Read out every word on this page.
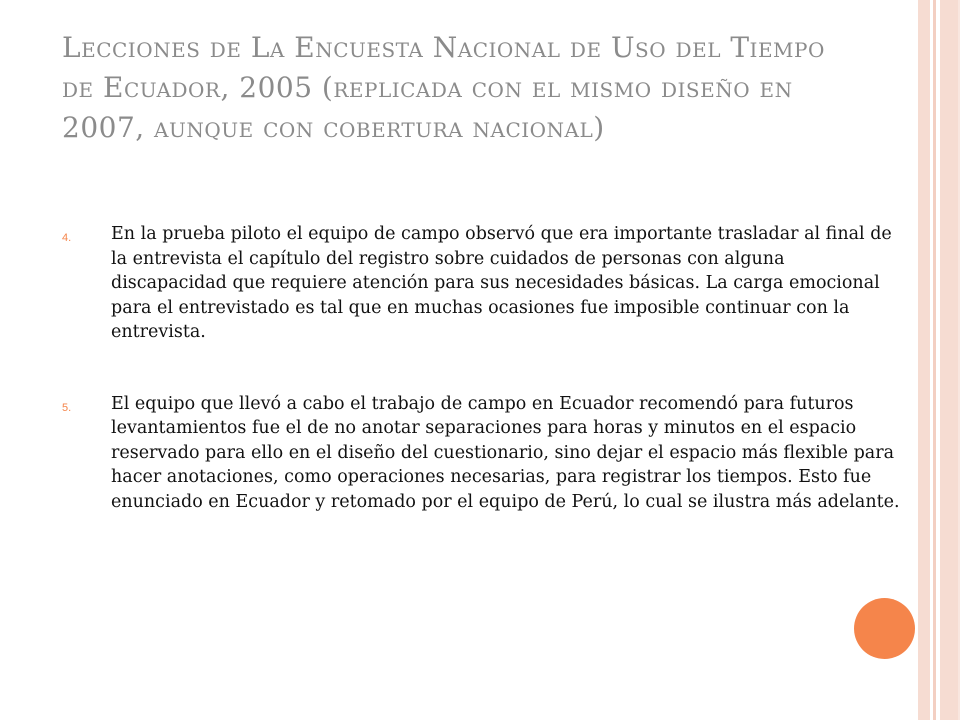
Lecciones de La Encuesta Nacional de Uso del Tiempo de Ecuador, 2005 (replicada con el mismo diseño en 2007, aunque con cobertura nacional)
4. En la prueba piloto el equipo de campo observó que era importante trasladar al final de la entrevista el capítulo del registro sobre cuidados de personas con alguna discapacidad que requiere atención para sus necesidades básicas. La carga emocional para el entrevistado es tal que en muchas ocasiones fue imposible continuar con la entrevista.
5. El equipo que llevó a cabo el trabajo de campo en Ecuador recomendó para futuros levantamientos fue el de no anotar separaciones para horas y minutos en el espacio reservado para ello en el diseño del cuestionario, sino dejar el espacio más flexible para hacer anotaciones, como operaciones necesarias, para registrar los tiempos. Esto fue enunciado en Ecuador y retomado por el equipo de Perú, lo cual se ilustra más adelante.
